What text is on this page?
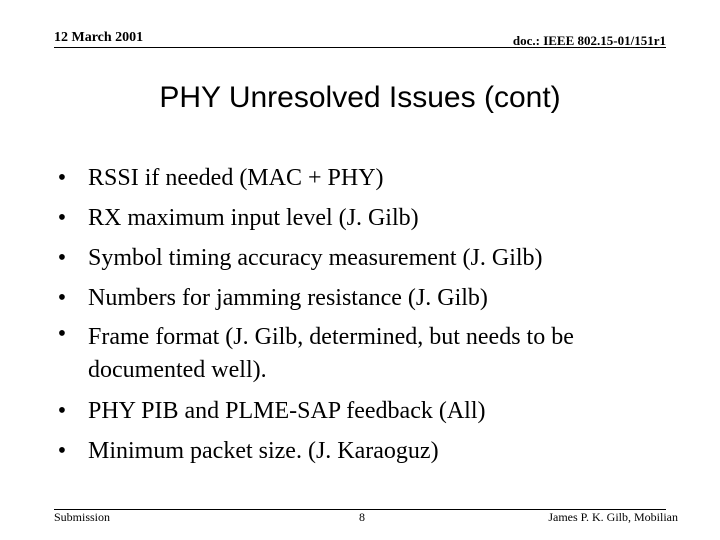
12 March 2001	doc.: IEEE 802.15-01/151r1
PHY Unresolved Issues (cont)
• RSSI if needed (MAC + PHY)
• RX maximum input level (J. Gilb)
• Symbol timing accuracy measurement (J. Gilb)
• Numbers for jamming resistance (J. Gilb)
• Frame format (J. Gilb, determined, but needs to be documented well).
• PHY PIB and PLME-SAP feedback (All)
• Minimum packet size. (J. Karaoguz)
Submission	8	James P. K. Gilb, Mobilian
